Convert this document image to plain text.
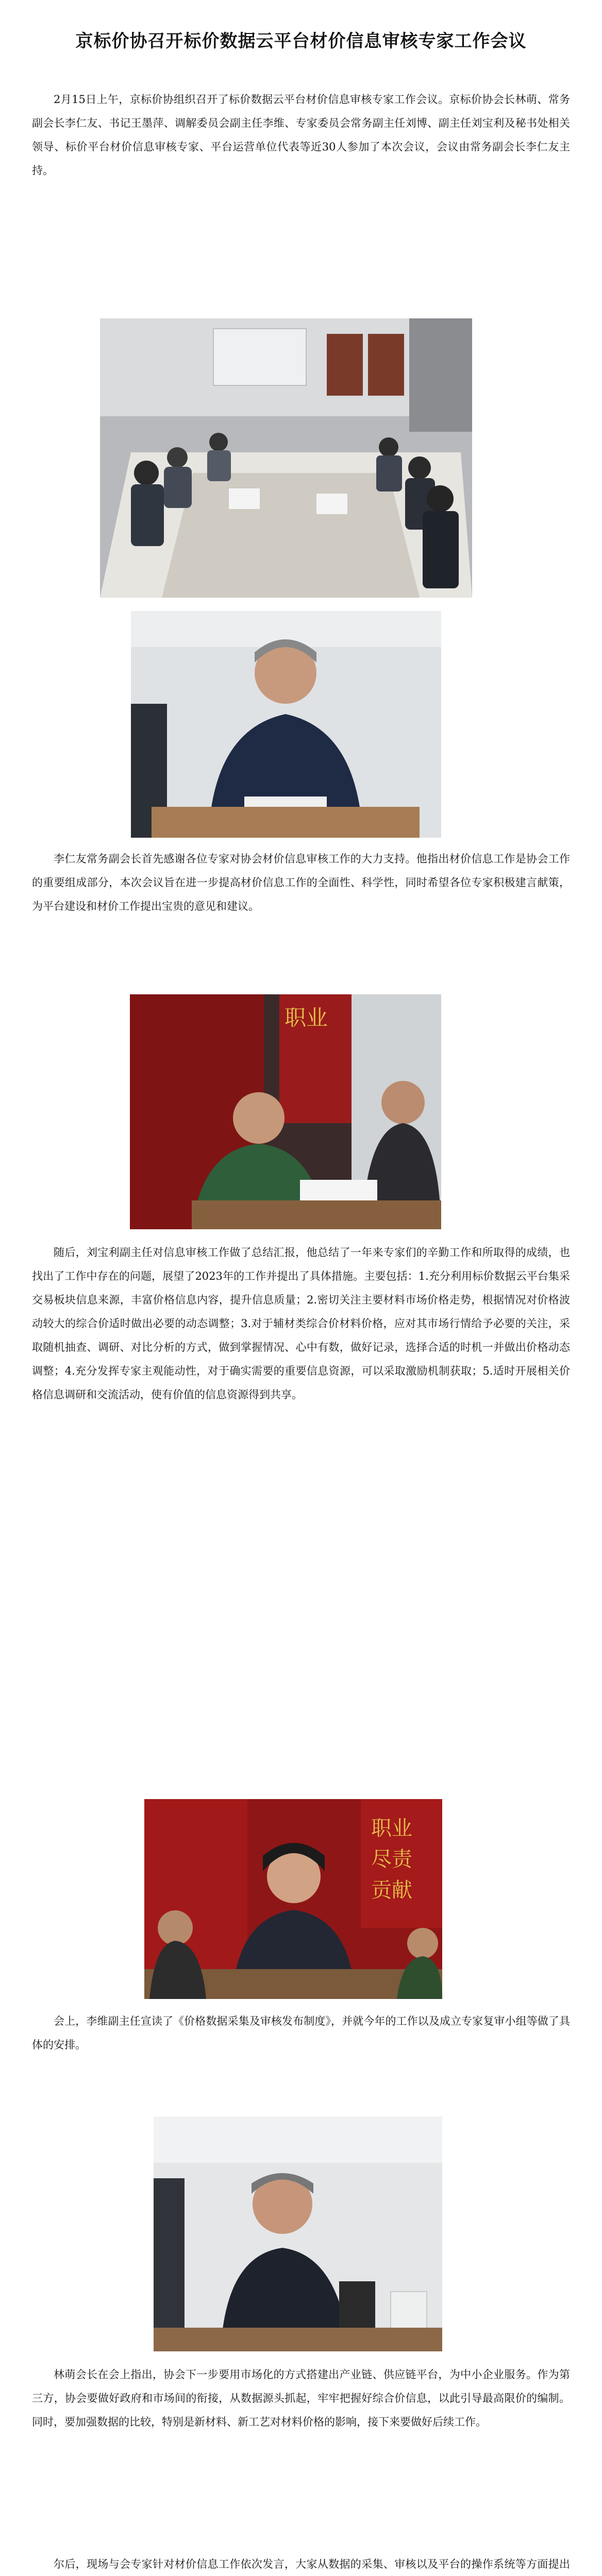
京标价协召开标价数据云平台材价信息审核专家工作会议

2月15日上午，京标价协组织召开了标价数据云平台材价信息审核专家工作会议。京标价协会长林萌、常务副会长李仁友、书记王墨萍、调解委员会副主任李维、专家委员会常务副主任刘博、副主任刘宝利及秘书处相关领导、标价平台材价信息审核专家、平台运营单位代表等近30人参加了本次会议，会议由常务副会长李仁友主持。

李仁友常务副会长首先感谢各位专家对协会材价信息审核工作的大力支持。他指出材价信息工作是协会工作的重要组成部分，本次会议旨在进一步提高材价信息工作的全面性、科学性，同时希望各位专家积极建言献策，为平台建设和材价工作提出宝贵的意见和建议。

职业

随后，刘宝利副主任对信息审核工作做了总结汇报，他总结了一年来专家们的辛勤工作和所取得的成绩，也找出了工作中存在的问题，展望了2023年的工作并提出了具体措施。主要包括：1.充分利用标价数据云平台集采交易板块信息来源，丰富价格信息内容，提升信息质量；2.密切关注主要材料市场价格走势，根据情况对价格波动较大的综合价适时做出必要的动态调整；3.对于辅材类综合价材料价格，应对其市场行情给予必要的关注，采取随机抽查、调研、对比分析的方式，做到掌握情况、心中有数，做好记录，选择合适的时机一并做出价格动态调整；4.充分发挥专家主观能动性，对于确实需要的重要信息资源，可以采取激励机制获取；5.适时开展相关价格信息调研和交流活动，使有价值的信息资源得到共享。

职业
尽责
贡献

会上，李维副主任宣读了《价格数据采集及审核发布制度》，并就今年的工作以及成立专家复审小组等做了具体的安排。

林萌会长在会上指出，协会下一步要用市场化的方式搭建出产业链、供应链平台，为中小企业服务。作为第三方，协会要做好政府和市场间的衔接，从数据源头抓起，牢牢把握好综合价信息，以此引导最高限价的编制。同时，要加强数据的比较，特别是新材料、新工艺对材料价格的影响，接下来要做好后续工作。

尔后，现场与会专家针对材价信息工作依次发言，大家从数据的采集、审核以及平台的操作系统等方面提出
